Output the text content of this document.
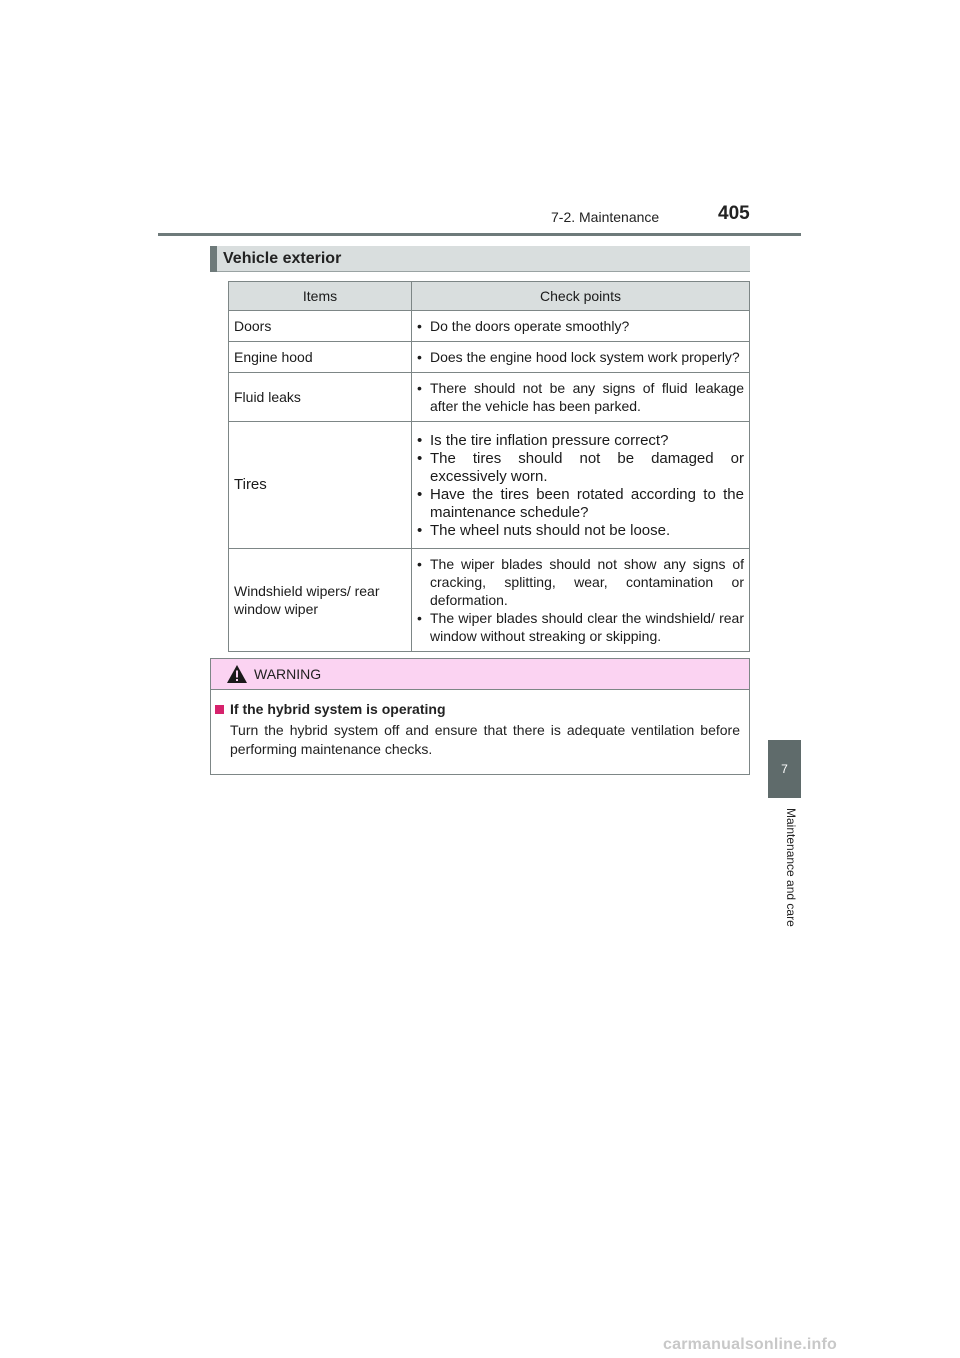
7-2. Maintenance	405
7
Maintenance and care
Vehicle exterior
Items	Check points
Doors	• Do the doors operate smoothly?

Engine hood	• Does the engine hood lock system work properly?

Fluid leaks	• There should not be any signs of fluid leakage after the vehicle has been parked.

Tires	• Is the tire inflation pressure correct?
• The tires should not be damaged or excessively worn.
• Have the tires been rotated according to the maintenance schedule?
• The wheel nuts should not be loose.

Windshield wipers/ rear window wiper	• The wiper blades should not show any signs of cracking, splitting, wear, contamination or deformation.
• The wiper blades should clear the windshield/ rear window without streaking or skipping.
WARNING
If the hybrid system is operating
Turn the hybrid system off and ensure that there is adequate ventilation before performing maintenance checks.
carmanualsonline.info
